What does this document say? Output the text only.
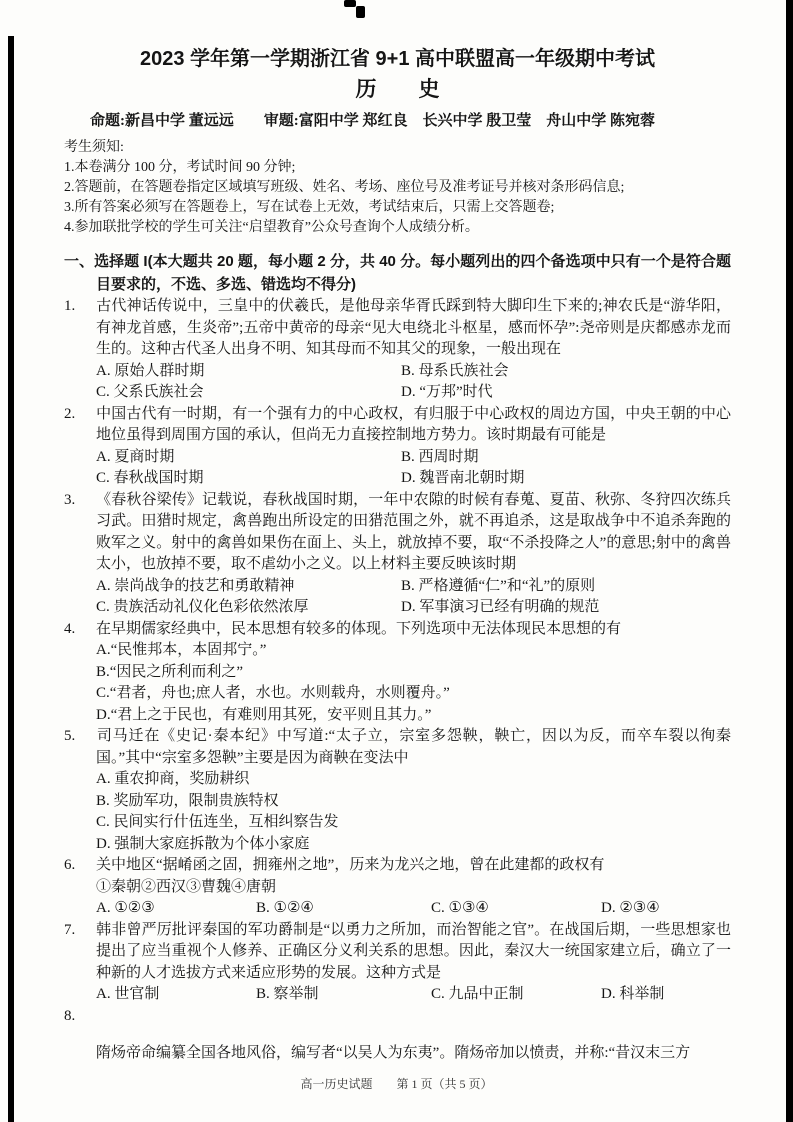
2023 学年第一学期浙江省 9+1 高中联盟高一年级期中考试
历　　史
命题:新昌中学 董远远　　审题:富阳中学 郑红良　长兴中学 殷卫莹　舟山中学 陈宛蓉
考生须知:
1.本卷满分 100 分，考试时间 90 分钟;
2.答题前，在答题卷指定区域填写班级、姓名、考场、座位号及准考证号并核对条形码信息;
3.所有答案必须写在答题卷上，写在试卷上无效，考试结束后，只需上交答题卷;
4.参加联批学校的学生可关注“启望教育”公众号查询个人成绩分析。
一、选择题 I(本大题共 20 题，每小题 2 分，共 40 分。每小题列出的四个备选项中只有一个是符合题目要求的，不选、多选、错选均不得分)
1. 古代神话传说中，三皇中的伏羲氏，是他母亲华胥氏踩到特大脚印生下来的;神农氏是“游华阳，有神龙首感，生炎帝”;五帝中黄帝的母亲“见大电绕北斗枢星，感而怀孕”:尧帝则是庆都感赤龙而生的。这种古代圣人出身不明、知其母而不知其父的现象，一般出现在
A. 原始人群时期	B. 母系氏族社会
C. 父系氏族社会	D. “万邦”时代
2. 中国古代有一时期，有一个强有力的中心政权，有归服于中心政权的周边方国，中央王朝的中心地位虽得到周围方国的承认，但尚无力直接控制地方势力。该时期最有可能是
A. 夏商时期	B. 西周时期
C. 春秋战国时期	D. 魏晋南北朝时期
3. 《春秋谷梁传》记载说，春秋战国时期，一年中农隙的时候有春蒐、夏苗、秋弥、冬狩四次练兵习武。田猎时规定，禽兽跑出所设定的田猎范围之外，就不再追杀，这是取战争中不追杀奔跑的败军之义。射中的禽兽如果伤在面上、头上，就放掉不要，取“不杀投降之人”的意思;射中的禽兽太小，也放掉不要，取不虐幼小之义。以上材料主要反映该时期
A. 崇尚战争的技艺和勇敢精神	B. 严格遵循“仁”和“礼”的原则
C. 贵族活动礼仪化色彩依然浓厚	D. 军事演习已经有明确的规范
4. 在早期儒家经典中，民本思想有较多的体现。下列选项中无法体现民本思想的有
A.“民惟邦本，本固邦宁。”
B.“因民之所利而利之”
C.“君者，舟也;庶人者，水也。水则载舟，水则覆舟。”
D.“君上之于民也，有难则用其死，安平则且其力。”
5. 司马迁在《史记·秦本纪》中写道:“太子立，宗室多怨鞅，鞅亡，因以为反，而卒车裂以徇秦国。”其中“宗室多怨鞅”主要是因为商鞅在变法中
A. 重农抑商，奖励耕织
B. 奖励军功，限制贵族特权
C. 民间实行什伍连坐，互相纠察告发
D. 强制大家庭拆散为个体小家庭
6. 关中地区“据崤函之固，拥雍州之地”，历来为龙兴之地，曾在此建都的政权有
①秦朝②西汉③曹魏④唐朝
A. ①②③	B. ①②④	C. ①③④	D. ②③④
7. 韩非曾严厉批评秦国的军功爵制是“以勇力之所加，而治智能之官”。在战国后期，一些思想家也提出了应当重视个人修养、正确区分义利关系的思想。因此，秦汉大一统国家建立后，确立了一种新的人才选拔方式来适应形势的发展。这种方式是
A. 世官制	B. 察举制	C. 九品中正制	D. 科举制
8.
隋炀帝命编纂全国各地风俗，编写者“以吴人为东夷”。隋炀帝加以愤责，并称:“昔汉末三方
高一历史试题　　第 1 页（共 5 页）
